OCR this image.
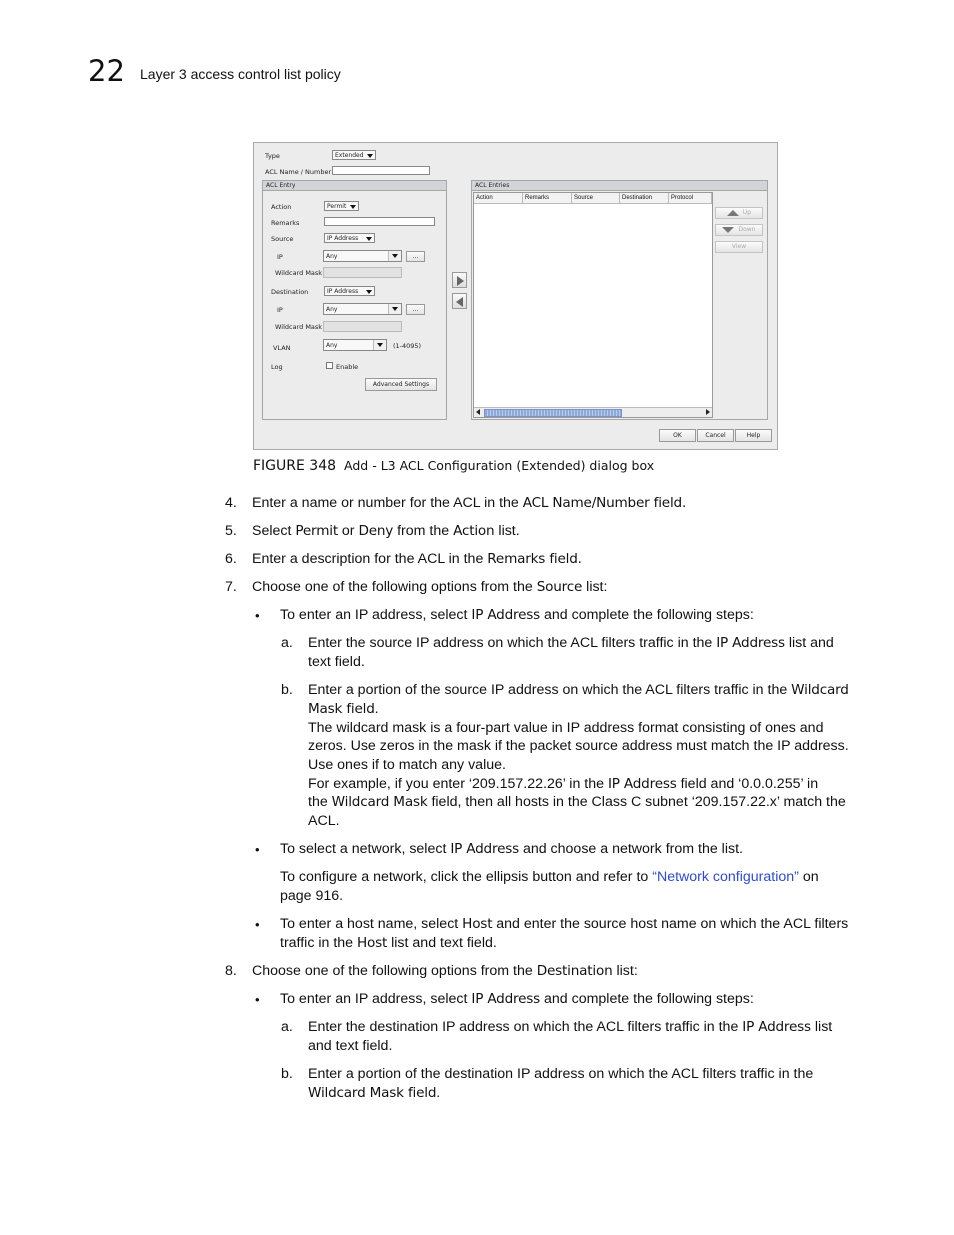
22 Layer 3 access control list policy
Type	Extended
ACL Name / Number
ACL Entry
Action	Permit
Remarks
Source	IP Address
IP	Any	...
Wildcard Mask
Destination	IP Address
IP	Any	...
Wildcard Mask
VLAN	Any	(1-4095)
Log	Enable
Advanced Settings
ACL Entries
Up
Down
View
OK	Cancel	Help
Action	Remarks	Source	Destination	Protocol
FIGURE 348 Add - L3 ACL Configuration (Extended) dialog box
4. Enter a name or number for the ACL in the ACL Name/Number field.
5. Select Permit or Deny from the Action list.
6. Enter a description for the ACL in the Remarks field.
7. Choose one of the following options from the Source list:
• To enter an IP address, select IP Address and complete the following steps:
a. Enter the source IP address on which the ACL filters traffic in the IP Address list and
text field.
b. Enter a portion of the source IP address on which the ACL filters traffic in the Wildcard
Mask field.
The wildcard mask is a four-part value in IP address format consisting of ones and
zeros. Use zeros in the mask if the packet source address must match the IP address.
Use ones if to match any value.
For example, if you enter ‘209.157.22.26’ in the IP Address field and ‘0.0.0.255’ in
the Wildcard Mask field, then all hosts in the Class C subnet ‘209.157.22.x’ match the
ACL.
• To select a network, select IP Address and choose a network from the list.
To configure a network, click the ellipsis button and refer to “Network configuration” on
page 916.
• To enter a host name, select Host and enter the source host name on which the ACL filters
traffic in the Host list and text field.
8. Choose one of the following options from the Destination list:
• To enter an IP address, select IP Address and complete the following steps:
a. Enter the destination IP address on which the ACL filters traffic in the IP Address list
and text field.
b. Enter a portion of the destination IP address on which the ACL filters traffic in the
Wildcard Mask field.
